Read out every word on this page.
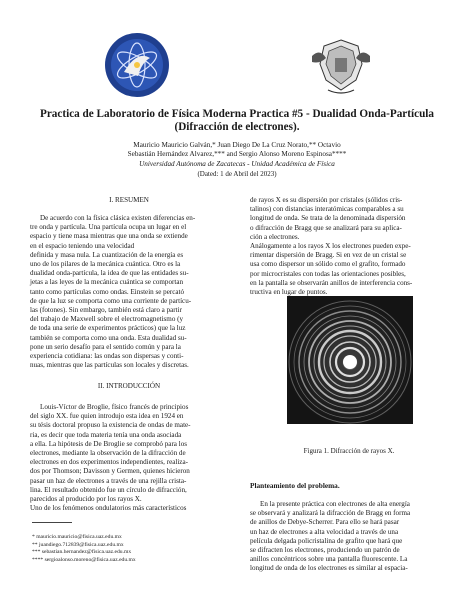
Practica de Laboratorio de Física Moderna Practica #5 - Dualidad Onda-Partícula
(Difracción de electrones).
Mauricio Mauricio Galván,* Juan Diego De La Cruz Norato,** Octavio
Sebastián Hernández Alvarez,*** and Sergio Alonso Moreno Espinosa****
Universidad Autónoma de Zacatecas - Unidad Académica de Física
(Dated: 1 de Abril del 2023)
I. RESUMEN
De acuerdo con la física clásica existen diferencias en-
tre onda y partícula. Una partícula ocupa un lugar en el
espacio y tiene masa mientras que una onda se extiende
en el espacio teniendo una velocidad
definida y masa nula. La cuantización de la energía es
uno de los pilares de la mecánica cuántica. Otro es la
dualidad onda-partícula, la idea de que las entidades su-
jetas a las leyes de la mecánica cuántica se comportan
tanto como partículas como ondas. Einstein se percató
de que la luz se comporta como una corriente de partícu-
las (fotones). Sin embargo, también está claro a partir
del trabajo de Maxwell sobre el electromagnetismo (y
de toda una serie de experimentos prácticos) que la luz
también se comporta como una onda. Esta dualidad su-
pone un serio desafío para el sentido común y para la
experiencia cotidiana: las ondas son dispersas y conti-
nuas, mientras que las partículas son locales y discretas.
II. INTRODUCCIÓN
Louis-Víctor de Broglie, físico francés de principios
del siglo XX. fue quien introdujo esta idea en 1924 en
su tésis doctoral propuso la existencia de ondas de mate-
ria, es decir que toda materia tenía una onda asociada
a ella. La hipótesis de De Broglie se comprobó para los
electrones, mediante la observación de la difracción de
electrones en dos experimentos independientes, realiza-
dos por Thomson; Davisson y Germen, quienes hicieron
pasar un haz de electrones a través de una rejilla crista-
lina. El resultado obtenido fue un círculo de difracción,
parecidos al producido por los rayos X.
Uno de los fenómenos ondulatorios más característicos
* mauricio.mauricio@fisica.uaz.edu.mx
** juandiego.712839@fisica.uaz.edu.mx
*** sebastian.hernandez@fisica.uaz.edu.mx
**** sergioalonso.moreno@fisica.uaz.edu.mx
de rayos X es su dispersión por cristales (sólidos cris-
talinos) con distancias interatómicas comparables a su
longitud de onda. Se trata de la denominada dispersión
o difracción de Bragg que se analizará para su aplica-
ción a electrones.
Análogamente a los rayos X los electrones pueden expe-
rimentar dispersión de Bragg. Si en vez de un cristal se
usa como dispersor un sólido como el grafito, formado
por microcristales con todas las orientaciones posibles,
en la pantalla se observarán anillos de interferencia cons-
tructiva en lugar de puntos.
Figura 1. Difracción de rayos X.
Planteamiento del problema.
En la presente práctica con electrones de alta energía
se observará y analizará la difracción de Bragg en forma
de anillos de Debye-Scherrer. Para ello se hará pasar
un haz de electrones a alta velocidad a través de una
película delgada policristalina de grafito que hará que
se difracten los electrones, produciendo un patrón de
anillos concéntricos sobre una pantalla fluorescente. La
longitud de onda de los electrones es similar al espacia-
